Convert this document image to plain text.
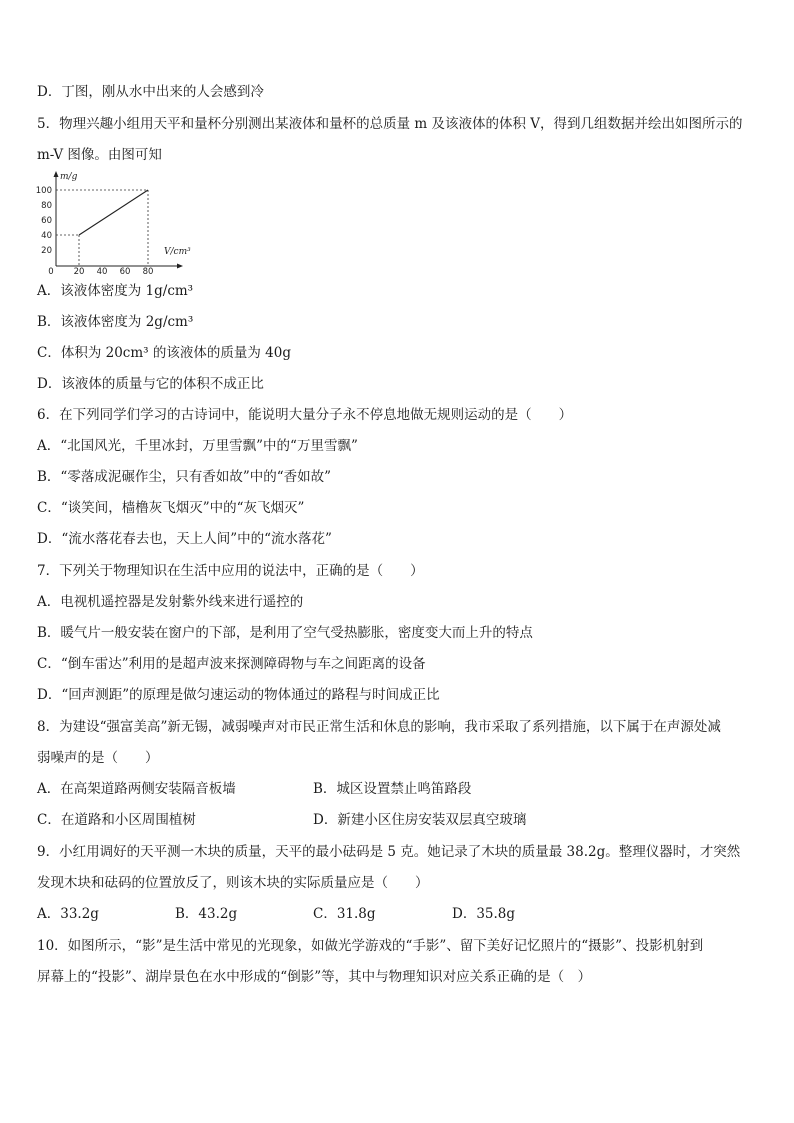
D．丁图，刚从水中出来的人会感到冷
5．物理兴趣小组用天平和量杯分别测出某液体和量杯的总质量 m 及该液体的体积 V，得到几组数据并绘出如图所示的
m-V 图像。由图可知
m/g
V/cm³
0
20
40
60
80
100
20 40 60 80
A．该液体密度为 1g/cm³
B．该液体密度为 2g/cm³
C．体积为 20cm³ 的该液体的质量为 40g
D．该液体的质量与它的体积不成正比
6．在下列同学们学习的古诗词中，能说明大量分子永不停息地做无规则运动的是（　　）
A．“北国风光，千里冰封，万里雪飘”中的“万里雪飘”
B．“零落成泥碾作尘，只有香如故”中的“香如故”
C．“谈笑间，樯橹灰飞烟灭”中的“灰飞烟灭”
D．“流水落花春去也，天上人间”中的“流水落花”
7．下列关于物理知识在生活中应用的说法中，正确的是（　　）
A．电视机遥控器是发射紫外线来进行遥控的
B．暖气片一般安装在窗户的下部，是利用了空气受热膨胀，密度变大而上升的特点
C．“倒车雷达”利用的是超声波来探测障碍物与车之间距离的设备
D．“回声测距”的原理是做匀速运动的物体通过的路程与时间成正比
8．为建设“强富美高”新无锡，减弱噪声对市民正常生活和休息的影响，我市采取了系列措施，以下属于在声源处减
弱噪声的是（　　）
A．在高架道路两侧安装隔音板墙	B．城区设置禁止鸣笛路段
C．在道路和小区周围植树	D．新建小区住房安装双层真空玻璃
9．小红用调好的天平测一木块的质量，天平的最小砝码是 5 克。她记录了木块的质量最 38.2g。整理仪器时，才突然
发现木块和砝码的位置放反了，则该木块的实际质量应是（　　）
A．33.2g	B．43.2g	C．31.8g	D．35.8g
10．如图所示，“影”是生活中常见的光现象，如做光学游戏的“手影”、留下美好记忆照片的“摄影”、投影机射到
屏幕上的“投影”、湖岸景色在水中形成的“倒影”等，其中与物理知识对应关系正确的是（　）
